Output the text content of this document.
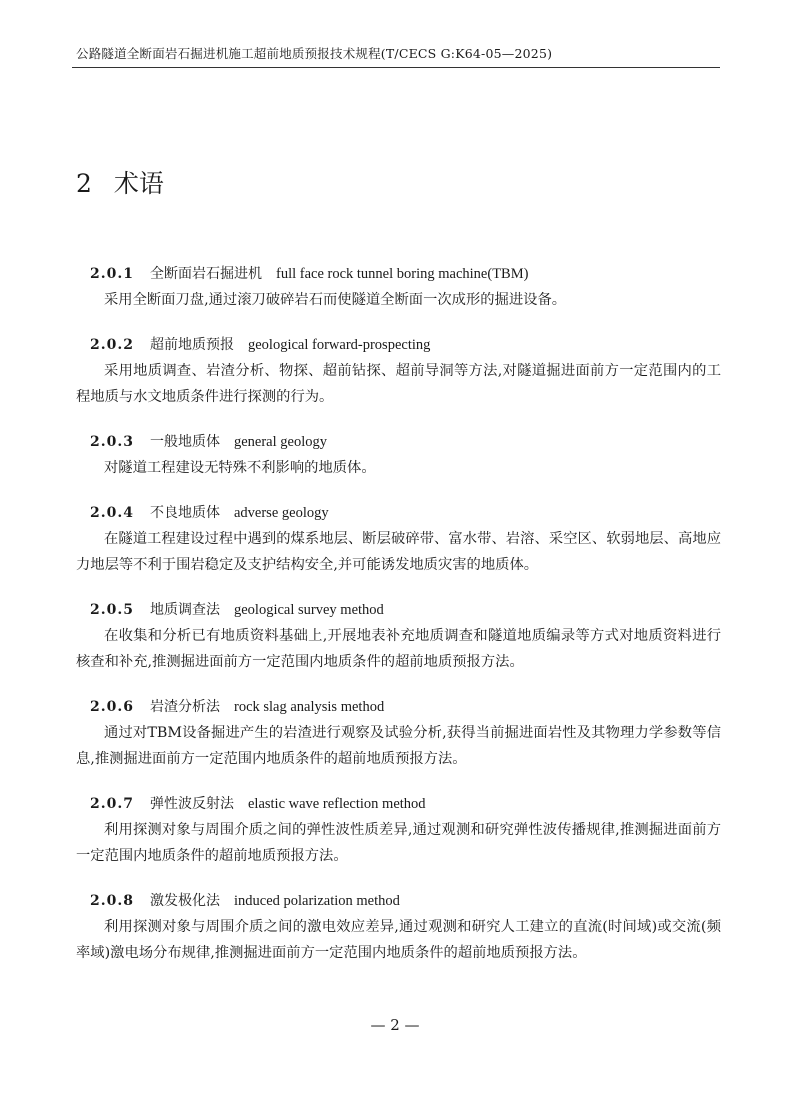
公路隧道全断面岩石掘进机施工超前地质预报技术规程(T/CECS G:K64-05—2025)
2 术语
2.0.1 全断面岩石掘进机 full face rock tunnel boring machine(TBM)

采用全断面刀盘,通过滚刀破碎岩石而使隧道全断面一次成形的掘进设备。

2.0.2 超前地质预报 geological forward-prospecting

采用地质调查、岩渣分析、物探、超前钻探、超前导洞等方法,对隧道掘进面前方一定范围内的工程地质与水文地质条件进行探测的行为。

2.0.3 一般地质体 general geology

对隧道工程建设无特殊不利影响的地质体。

2.0.4 不良地质体 adverse geology

在隧道工程建设过程中遇到的煤系地层、断层破碎带、富水带、岩溶、采空区、软弱地层、高地应力地层等不利于围岩稳定及支护结构安全,并可能诱发地质灾害的地质体。

2.0.5 地质调查法 geological survey method

在收集和分析已有地质资料基础上,开展地表补充地质调查和隧道地质编录等方式对地质资料进行核查和补充,推测掘进面前方一定范围内地质条件的超前地质预报方法。

2.0.6 岩渣分析法 rock slag analysis method

通过对TBM设备掘进产生的岩渣进行观察及试验分析,获得当前掘进面岩性及其物理力学参数等信息,推测掘进面前方一定范围内地质条件的超前地质预报方法。

2.0.7 弹性波反射法 elastic wave reflection method

利用探测对象与周围介质之间的弹性波性质差异,通过观测和研究弹性波传播规律,推测掘进面前方一定范围内地质条件的超前地质预报方法。

2.0.8 激发极化法 induced polarization method

利用探测对象与周围介质之间的激电效应差异,通过观测和研究人工建立的直流(时间域)或交流(频率域)激电场分布规律,推测掘进面前方一定范围内地质条件的超前地质预报方法。

— 2 —
